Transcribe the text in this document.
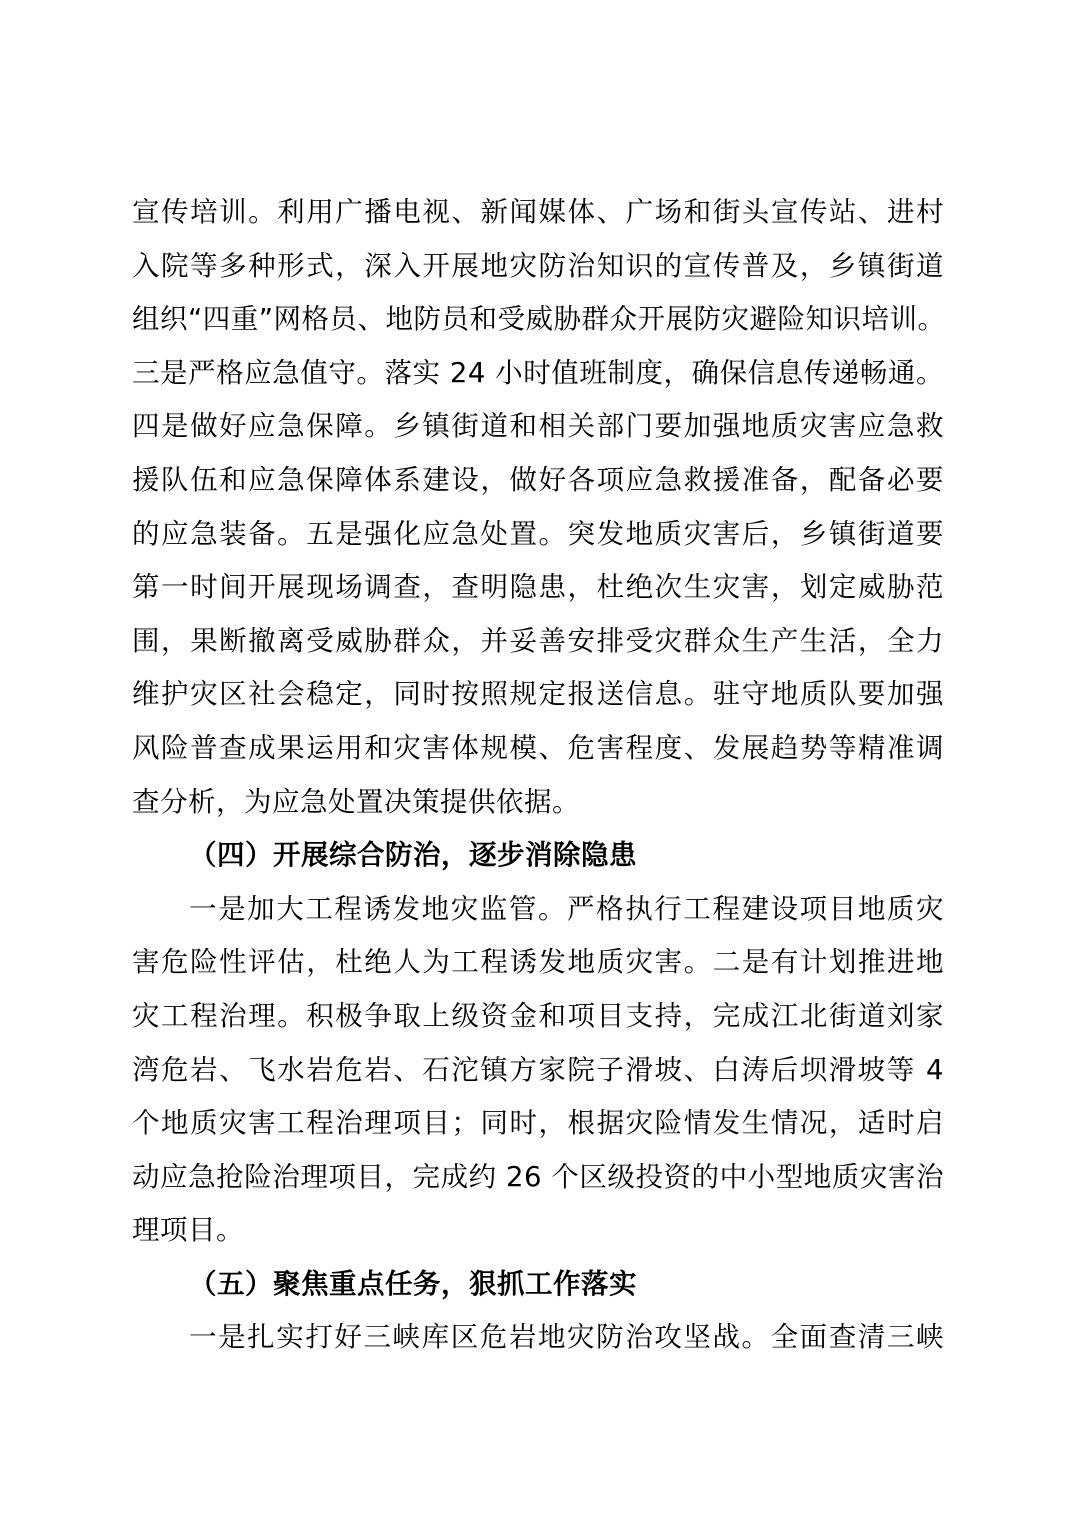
宣传培训。利用广播电视、新闻媒体、广场和街头宣传站、进村
入院等多种形式，深入开展地灾防治知识的宣传普及，乡镇街道
组织“四重”网格员、地防员和受威胁群众开展防灾避险知识培训。
三是严格应急值守。落实 24 小时值班制度，确保信息传递畅通。
四是做好应急保障。乡镇街道和相关部门要加强地质灾害应急救
援队伍和应急保障体系建设，做好各项应急救援准备，配备必要
的应急装备。五是强化应急处置。突发地质灾害后，乡镇街道要
第一时间开展现场调查，查明隐患，杜绝次生灾害，划定威胁范
围，果断撤离受威胁群众，并妥善安排受灾群众生产生活，全力
维护灾区社会稳定，同时按照规定报送信息。驻守地质队要加强
风险普查成果运用和灾害体规模、危害程度、发展趋势等精准调
查分析，为应急处置决策提供依据。
（四）开展综合防治，逐步消除隐患
一是加大工程诱发地灾监管。严格执行工程建设项目地质灾
害危险性评估，杜绝人为工程诱发地质灾害。二是有计划推进地
灾工程治理。积极争取上级资金和项目支持，完成江北街道刘家
湾危岩、飞水岩危岩、石沱镇方家院子滑坡、白涛后坝滑坡等 4
个地质灾害工程治理项目；同时，根据灾险情发生情况，适时启
动应急抢险治理项目，完成约 26 个区级投资的中小型地质灾害治
理项目。
（五）聚焦重点任务，狠抓工作落实
一是扎实打好三峡库区危岩地灾防治攻坚战。全面查清三峡
